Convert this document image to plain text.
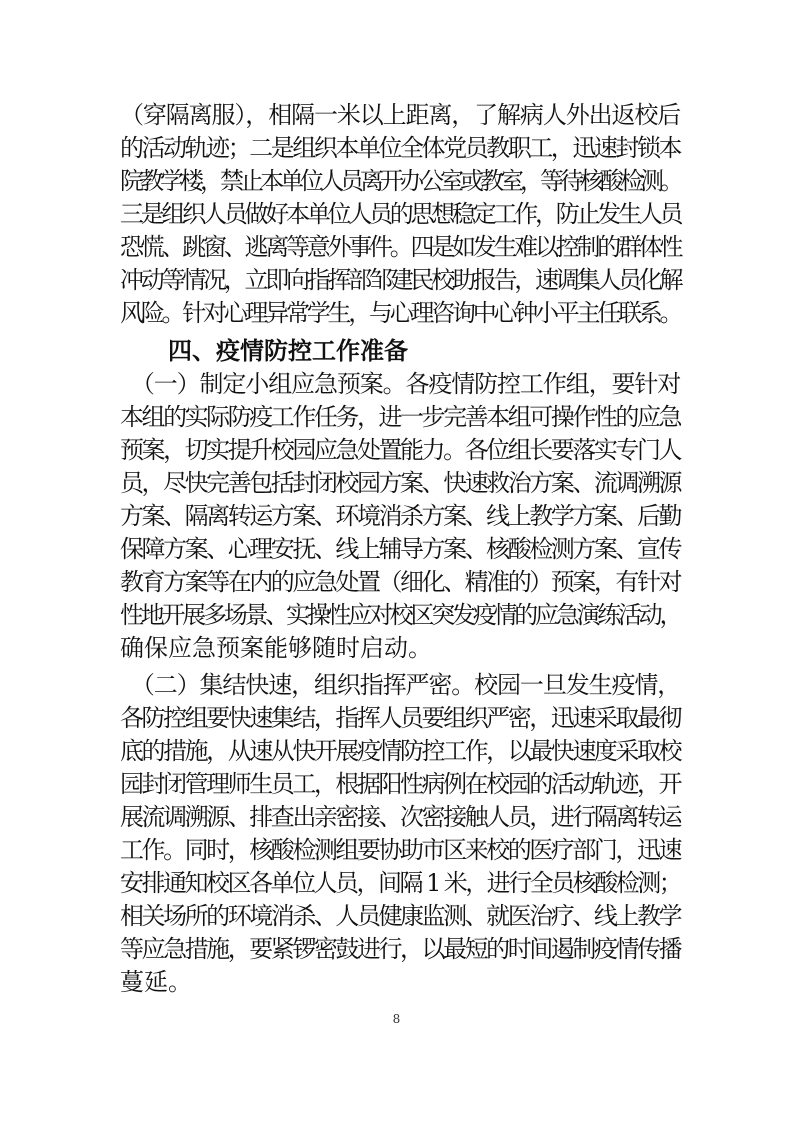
（穿隔离服），相隔一米以上距离，了解病人外出返校后
的活动轨迹；二是组织本单位全体党员教职工，迅速封锁本
院教学楼，禁止本单位人员离开办公室或教室，等待核酸检测。
三是组织人员做好本单位人员的思想稳定工作，防止发生人员
恐慌、跳窗、逃离等意外事件。四是如发生难以控制的群体性
冲动等情况，立即向指挥部邹建民校助报告，速调集人员化解
风险。针对心理异常学生，与心理咨询中心钟小平主任联系。
四、疫情防控工作准备
　（一）制定小组应急预案。各疫情防控工作组，要针对
本组的实际防疫工作任务，进一步完善本组可操作性的应急
预案，切实提升校园应急处置能力。各位组长要落实专门人
员，尽快完善包括封闭校园方案、快速救治方案、流调溯源
方案、隔离转运方案、环境消杀方案、线上教学方案、后勤
保障方案、心理安抚、线上辅导方案、核酸检测方案、宣传
教育方案等在内的应急处置（细化、精准的）预案，有针对
性地开展多场景、实操性应对校区突发疫情的应急演练活动，
确保应急预案能够随时启动。
　（二）集结快速，组织指挥严密。校园一旦发生疫情，
各防控组要快速集结，指挥人员要组织严密，迅速采取最彻
底的措施，从速从快开展疫情防控工作，以最快速度采取校
园封闭管理师生员工，根据阳性病例在校园的活动轨迹，开
展流调溯源、排查出亲密接、次密接触人员，进行隔离转运
工作。同时，核酸检测组要协助市区来校的医疗部门，迅速
安排通知校区各单位人员，间隔 1 米，进行全员核酸检测；
相关场所的环境消杀、人员健康监测、就医治疗、线上教学
等应急措施，要紧锣密鼓进行，以最短的时间遏制疫情传播
蔓延。
8
